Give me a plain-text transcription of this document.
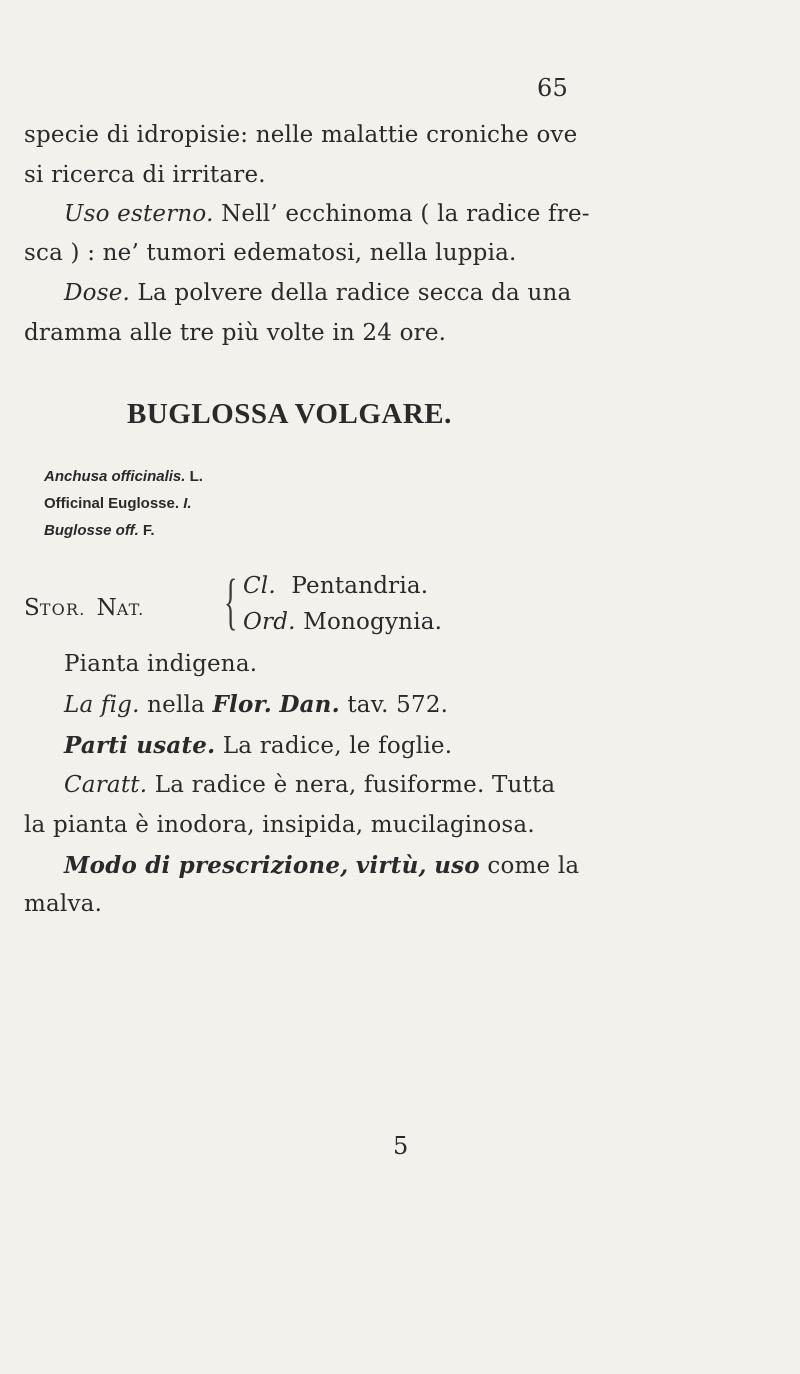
65
specie di idropisie: nelle malattie croniche ove
si ricerca di irritare.
Uso esterno. Nell’ ecchinoma ( la radice fre-
sca ) : ne’ tumori edematosi, nella luppia.
Dose. La polvere della radice secca da una
dramma alle tre più volte in 24 ore.
BUGLOSSA VOLGARE.
Anchusa officinalis. L.
Officinal Euglosse. I.
Buglosse off. F.
STOR. NAT. { Cl. Pentandria.
Ord. Monogynia.
Pianta indigena.
La fig. nella Flor. Dan. tav. 572.
Parti usate. La radice, le foglie.
Caratt. La radice è nera, fusiforme. Tutta
la pianta è inodora, insipida, mucilaginosa.
Modo di prescrizione, virtù, uso come la
malva.
5
